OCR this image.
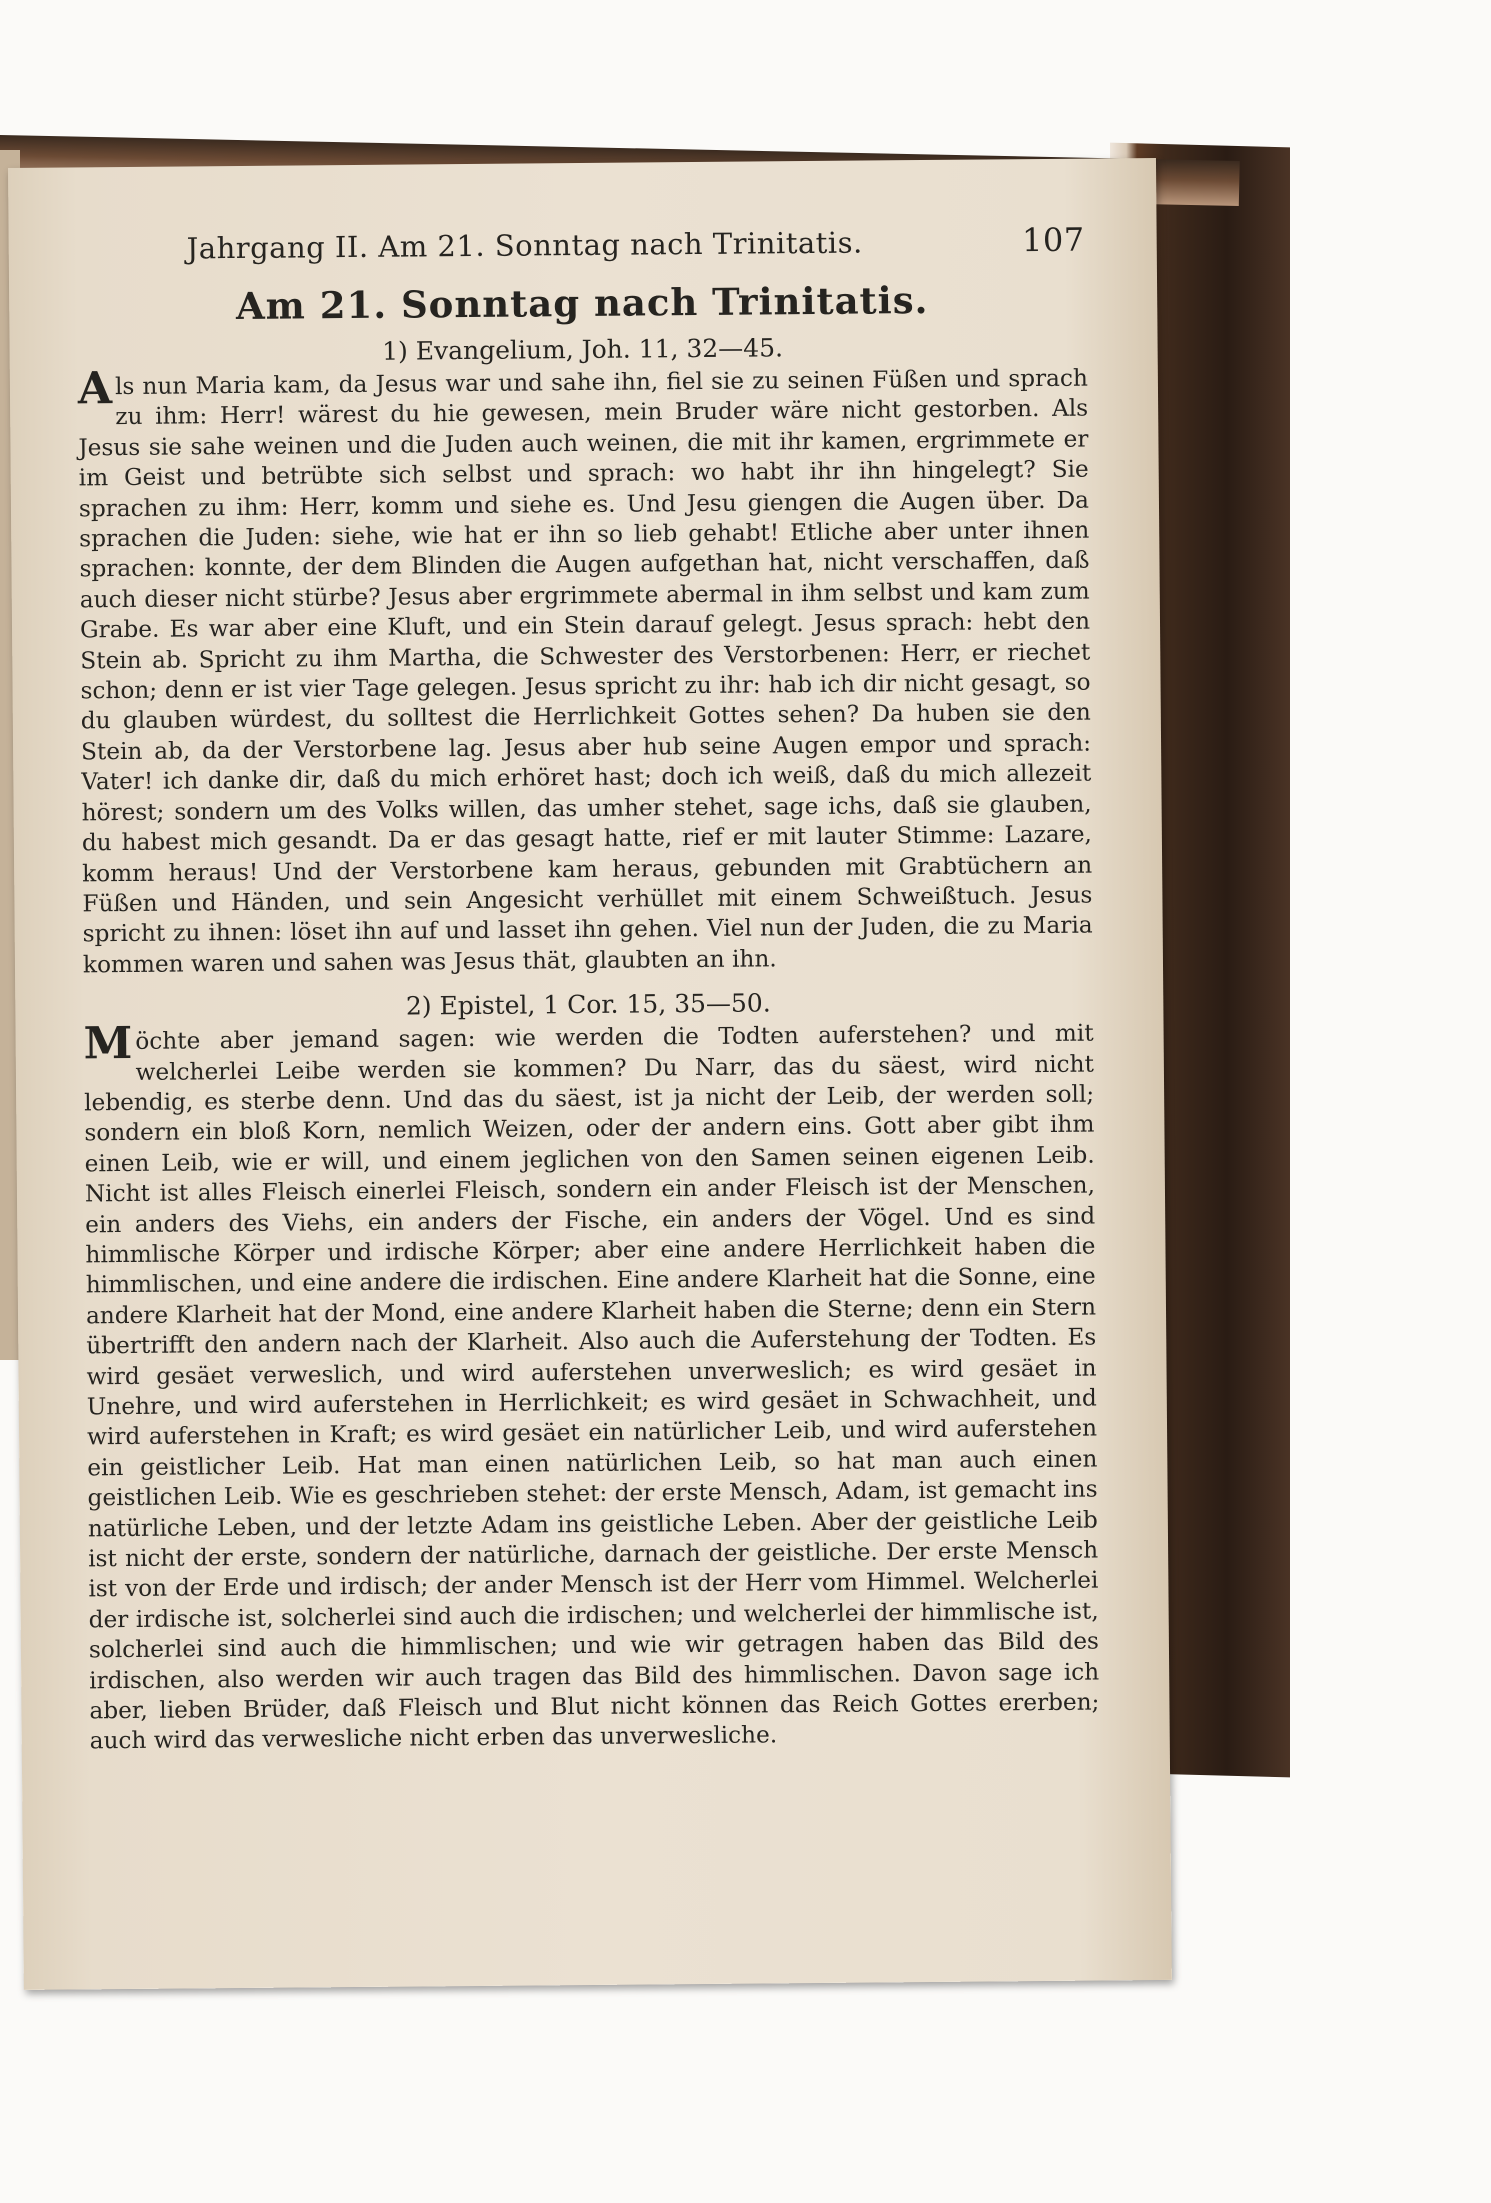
Jahrgang II. Am 21. Sonntag nach Trinitatis.	107
Am 21. Sonntag nach Trinitatis.
1) Evangelium, Joh. 11, 32—45.

Als nun Maria kam, da Jesus war und sahe ihn, fiel sie zu seinen Füßen und sprach zu ihm: Herr! wärest du hie gewesen, mein Bruder wäre nicht gestorben. Als Jesus sie sahe weinen und die Juden auch weinen, die mit ihr kamen, ergrimmete er im Geist und betrübte sich selbst und sprach: wo habt ihr ihn hingelegt? Sie sprachen zu ihm: Herr, komm und siehe es. Und Jesu giengen die Augen über. Da sprachen die Juden: siehe, wie hat er ihn so lieb gehabt! Etliche aber unter ihnen sprachen: konnte, der dem Blinden die Augen aufgethan hat, nicht verschaffen, daß auch dieser nicht stürbe? Jesus aber ergrimmete abermal in ihm selbst und kam zum Grabe. Es war aber eine Kluft, und ein Stein darauf gelegt. Jesus sprach: hebt den Stein ab. Spricht zu ihm Martha, die Schwester des Verstorbenen: Herr, er riechet schon; denn er ist vier Tage gelegen. Jesus spricht zu ihr: hab ich dir nicht gesagt, so du glauben würdest, du solltest die Herrlichkeit Gottes sehen? Da huben sie den Stein ab, da der Verstorbene lag. Jesus aber hub seine Augen empor und sprach: Vater! ich danke dir, daß du mich erhöret hast; doch ich weiß, daß du mich allezeit hörest; sondern um des Volks willen, das umher stehet, sage ichs, daß sie glauben, du habest mich gesandt. Da er das gesagt hatte, rief er mit lauter Stimme: Lazare, komm heraus! Und der Verstorbene kam heraus, gebunden mit Grabtüchern an Füßen und Händen, und sein Angesicht verhüllet mit einem Schweißtuch. Jesus spricht zu ihnen: löset ihn auf und lasset ihn gehen. Viel nun der Juden, die zu Maria kommen waren und sahen was Jesus thät, glaubten an ihn.

2) Epistel, 1 Cor. 15, 35—50.

Möchte aber jemand sagen: wie werden die Todten auferstehen? und mit welcherlei Leibe werden sie kommen? Du Narr, das du säest, wird nicht lebendig, es sterbe denn. Und das du säest, ist ja nicht der Leib, der werden soll; sondern ein bloß Korn, nemlich Weizen, oder der andern eins. Gott aber gibt ihm einen Leib, wie er will, und einem jeglichen von den Samen seinen eigenen Leib. Nicht ist alles Fleisch einerlei Fleisch, sondern ein ander Fleisch ist der Menschen, ein anders des Viehs, ein anders der Fische, ein anders der Vögel. Und es sind himmlische Körper und irdische Körper; aber eine andere Herrlichkeit haben die himmlischen, und eine andere die irdischen. Eine andere Klarheit hat die Sonne, eine andere Klarheit hat der Mond, eine andere Klarheit haben die Sterne; denn ein Stern übertrifft den andern nach der Klarheit. Also auch die Auferstehung der Todten. Es wird gesäet verweslich, und wird auferstehen unverweslich; es wird gesäet in Unehre, und wird auferstehen in Herrlichkeit; es wird gesäet in Schwachheit, und wird auferstehen in Kraft; es wird gesäet ein natürlicher Leib, und wird auferstehen ein geistlicher Leib. Hat man einen natürlichen Leib, so hat man auch einen geistlichen Leib. Wie es geschrieben stehet: der erste Mensch, Adam, ist gemacht ins natürliche Leben, und der letzte Adam ins geistliche Leben. Aber der geistliche Leib ist nicht der erste, sondern der natürliche, darnach der geistliche. Der erste Mensch ist von der Erde und irdisch; der ander Mensch ist der Herr vom Himmel. Welcherlei der irdische ist, solcherlei sind auch die irdischen; und welcherlei der himmlische ist, solcherlei sind auch die himmlischen; und wie wir getragen haben das Bild des irdischen, also werden wir auch tragen das Bild des himmlischen. Davon sage ich aber, lieben Brüder, daß Fleisch und Blut nicht können das Reich Gottes ererben; auch wird das verwesliche nicht erben das unverwesliche.
